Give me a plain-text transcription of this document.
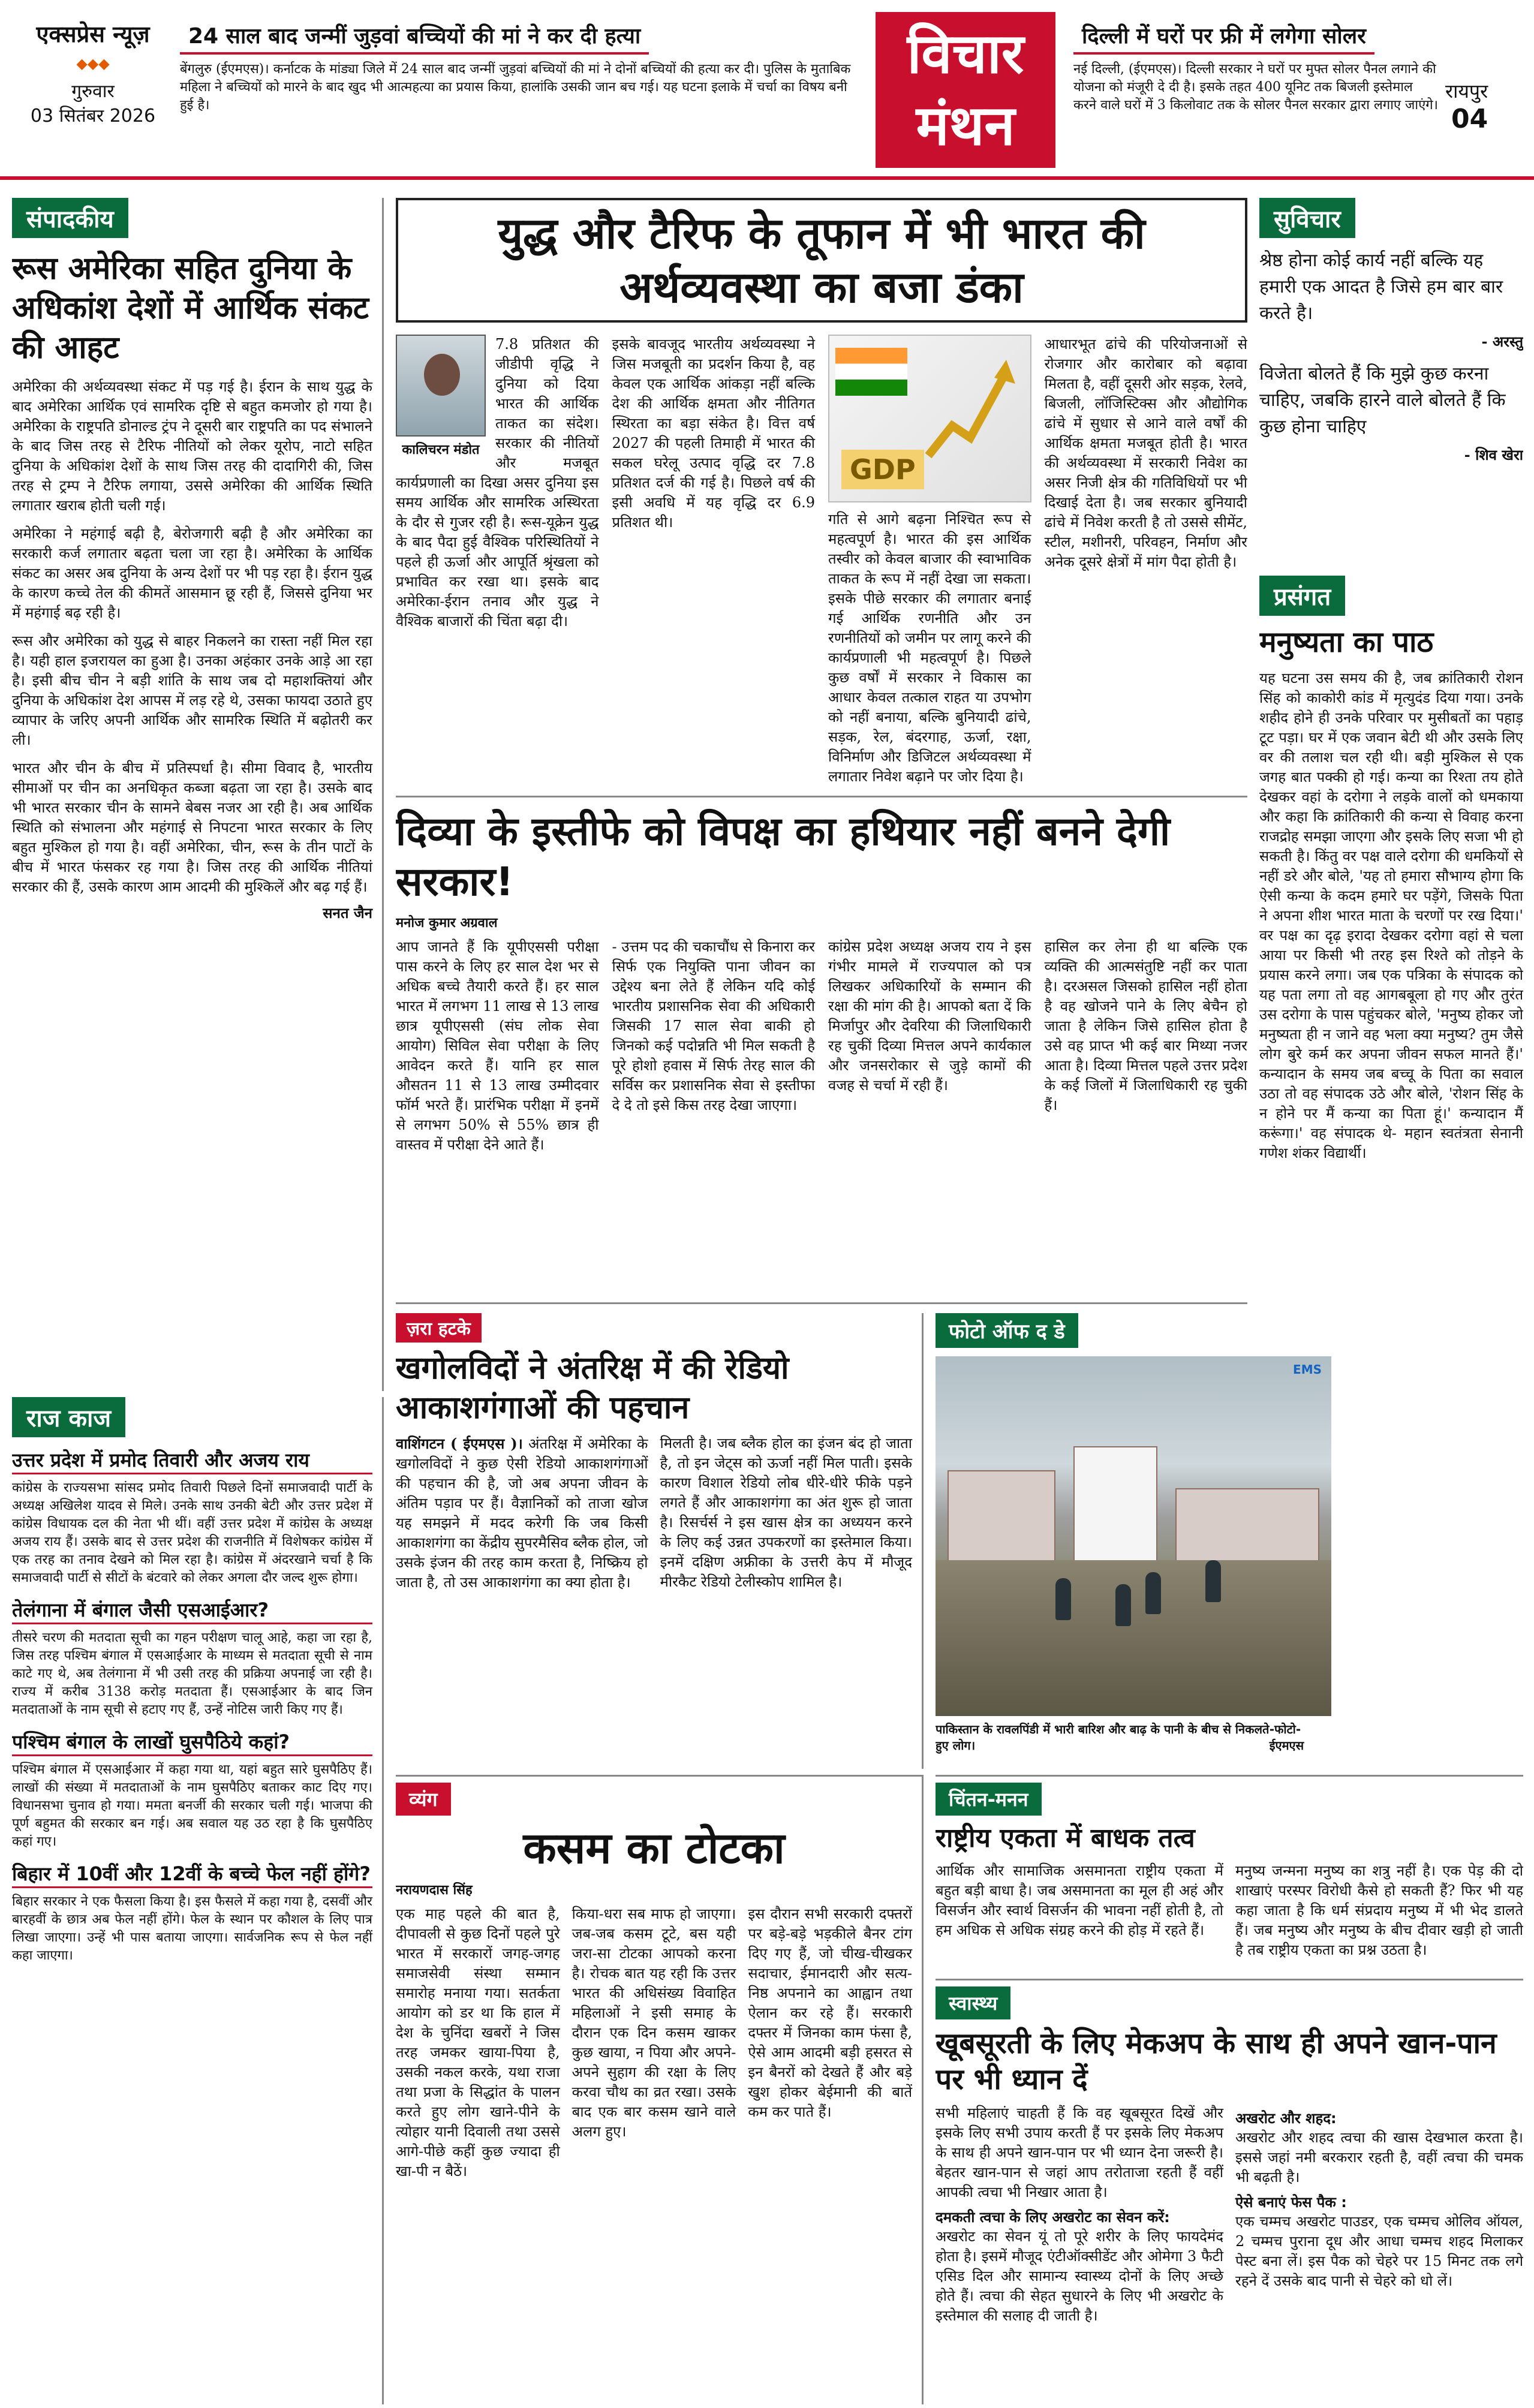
एक्सप्रेस न्यूज़
◆◆◆
गुरुवार
03 सितंबर 2026
24 साल बाद जन्मीं जुड़वां बच्चियों की मां ने कर दी हत्या

बेंगलुरु (ईएमएस)। कर्नाटक के मांड्या जिले में 24 साल बाद जन्मीं जुड़वां बच्चियों की मां ने दोनों बच्चियों की हत्या कर दी। पुलिस के मुताबिक महिला ने बच्चियों को मारने के बाद खुद भी आत्महत्या का प्रयास किया, हालांकि उसकी जान बच गई। यह घटना इलाके में चर्चा का विषय बनी हुई है।

विचार
मंथन
दिल्ली में घरों पर फ्री में लगेगा सोलर

नई दिल्ली, (ईएमएस)। दिल्ली सरकार ने घरों पर मुफ्त सोलर पैनल लगाने की योजना को मंजूरी दे दी है। इसके तहत 400 यूनिट तक बिजली इस्तेमाल करने वाले घरों में 3 किलोवाट तक के सोलर पैनल सरकार द्वारा लगाए जाएंगे।

रायपुर 04
संपादकीय
रूस अमेरिका सहित दुनिया के अधिकांश देशों में आर्थिक संकट की आहट

अमेरिका की अर्थव्यवस्था संकट में पड़ गई है। ईरान के साथ युद्ध के बाद अमेरिका आर्थिक एवं सामरिक दृष्टि से बहुत कमजोर हो गया है। अमेरिका के राष्ट्रपति डोनाल्ड ट्रंप ने दूसरी बार राष्ट्रपति का पद संभालने के बाद जिस तरह से टैरिफ नीतियों को लेकर यूरोप, नाटो सहित दुनिया के अधिकांश देशों के साथ जिस तरह की दादागिरी की, जिस तरह से ट्रम्प ने टैरिफ लगाया, उससे अमेरिका की आर्थिक स्थिति लगातार खराब होती चली गई।

अमेरिका ने महंगाई बढ़ी है, बेरोजगारी बढ़ी है और अमेरिका का सरकारी कर्ज लगातार बढ़ता चला जा रहा है। अमेरिका के आर्थिक संकट का असर अब दुनिया के अन्य देशों पर भी पड़ रहा है। ईरान युद्ध के कारण कच्चे तेल की कीमतें आसमान छू रही हैं, जिससे दुनिया भर में महंगाई बढ़ रही है।

रूस और अमेरिका को युद्ध से बाहर निकलने का रास्ता नहीं मिल रहा है। यही हाल इजरायल का हुआ है। उनका अहंकार उनके आड़े आ रहा है। इसी बीच चीन ने बड़ी शांति के साथ जब दो महाशक्तियां और दुनिया के अधिकांश देश आपस में लड़ रहे थे, उसका फायदा उठाते हुए व्यापार के जरिए अपनी आर्थिक और सामरिक स्थिति में बढ़ोतरी कर ली।

भारत और चीन के बीच में प्रतिस्पर्धा है। सीमा विवाद है, भारतीय सीमाओं पर चीन का अनधिकृत कब्जा बढ़ता जा रहा है। उसके बाद भी भारत सरकार चीन के सामने बेबस नजर आ रही है। अब आर्थिक स्थिति को संभालना और महंगाई से निपटना भारत सरकार के लिए बहुत मुश्किल हो गया है। वहीं अमेरिका, चीन, रूस के तीन पाटों के बीच में भारत फंसकर रह गया है। जिस तरह की आर्थिक नीतियां सरकार की हैं, उसके कारण आम आदमी की मुश्किलें और बढ़ गई हैं।

सनत जैन
राज काज
उत्तर प्रदेश में प्रमोद तिवारी और अजय राय

कांग्रेस के राज्यसभा सांसद प्रमोद तिवारी पिछले दिनों समाजवादी पार्टी के अध्यक्ष अखिलेश यादव से मिले। उनके साथ उनकी बेटी और उत्तर प्रदेश में कांग्रेस विधायक दल की नेता भी थीं। वहीं उत्तर प्रदेश में कांग्रेस के अध्यक्ष अजय राय हैं। उसके बाद से उत्तर प्रदेश की राजनीति में विशेषकर कांग्रेस में एक तरह का तनाव देखने को मिल रहा है। कांग्रेस में अंदरखाने चर्चा है कि समाजवादी पार्टी से सीटों के बंटवारे को लेकर अगला दौर जल्द शुरू होगा।

तेलंगाना में बंगाल जैसी एसआईआर?

तीसरे चरण की मतदाता सूची का गहन परीक्षण चालू आहे, कहा जा रहा है, जिस तरह पश्चिम बंगाल में एसआईआर के माध्यम से मतदाता सूची से नाम काटे गए थे, अब तेलंगाना में भी उसी तरह की प्रक्रिया अपनाई जा रही है। राज्य में करीब 3138 करोड़ मतदाता हैं। एसआईआर के बाद जिन मतदाताओं के नाम सूची से हटाए गए हैं, उन्हें नोटिस जारी किए गए हैं।

पश्चिम बंगाल के लाखों घुसपैठिये कहां?

पश्चिम बंगाल में एसआईआर में कहा गया था, यहां बहुत सारे घुसपैठिए हैं। लाखों की संख्या में मतदाताओं के नाम घुसपैठिए बताकर काट दिए गए। विधानसभा चुनाव हो गया। ममता बनर्जी की सरकार चली गई। भाजपा की पूर्ण बहुमत की सरकार बन गई। अब सवाल यह उठ रहा है कि घुसपैठिए कहां गए।

बिहार में 10वीं और 12वीं के बच्चे फेल नहीं होंगे?

बिहार सरकार ने एक फैसला किया है। इस फैसले में कहा गया है, दसवीं और बारहवीं के छात्र अब फेल नहीं होंगे। फेल के स्थान पर कौशल के लिए पात्र लिखा जाएगा। उन्हें भी पास बताया जाएगा। सार्वजनिक रूप से फेल नहीं कहा जाएगा।

युद्ध और टैरिफ के तूफान में भी भारत की अर्थव्यवस्था का बजा डंका
कालिचरन मंडोत

7.8 प्रतिशत की जीडीपी वृद्धि ने दुनिया को दिया भारत की आर्थिक ताकत का संदेश। सरकार की नीतियों और मजबूत कार्यप्रणाली का दिखा असर दुनिया इस समय आर्थिक और सामरिक अस्थिरता के दौर से गुजर रही है। रूस-यूक्रेन युद्ध के बाद पैदा हुई वैश्विक परिस्थितियों ने पहले ही ऊर्जा और आपूर्ति श्रृंखला को प्रभावित कर रखा था। इसके बाद अमेरिका-ईरान तनाव और युद्ध ने वैश्विक बाजारों की चिंता बढ़ा दी।

इसके बावजूद भारतीय अर्थव्यवस्था ने जिस मजबूती का प्रदर्शन किया है, वह केवल एक आर्थिक आंकड़ा नहीं बल्कि देश की आर्थिक क्षमता और नीतिगत स्थिरता का बड़ा संकेत है। वित्त वर्ष 2027 की पहली तिमाही में भारत की सकल घरेलू उत्पाद वृद्धि दर 7.8 प्रतिशत दर्ज की गई है। पिछले वर्ष की इसी अवधि में यह वृद्धि दर 6.9 प्रतिशत थी।

GDP

गति से आगे बढ़ना निश्चित रूप से महत्वपूर्ण है। भारत की इस आर्थिक तस्वीर को केवल बाजार की स्वाभाविक ताकत के रूप में नहीं देखा जा सकता। इसके पीछे सरकार की लगातार बनाई गई आर्थिक रणनीति और उन रणनीतियों को जमीन पर लागू करने की कार्यप्रणाली भी महत्वपूर्ण है। पिछले कुछ वर्षों में सरकार ने विकास का आधार केवल तत्काल राहत या उपभोग को नहीं बनाया, बल्कि बुनियादी ढांचे, सड़क, रेल, बंदरगाह, ऊर्जा, रक्षा, विनिर्माण और डिजिटल अर्थव्यवस्था में लगातार निवेश बढ़ाने पर जोर दिया है।

आधारभूत ढांचे की परियोजनाओं से रोजगार और कारोबार को बढ़ावा मिलता है, वहीं दूसरी ओर सड़क, रेलवे, बिजली, लॉजिस्टिक्स और औद्योगिक ढांचे में सुधार से आने वाले वर्षों की आर्थिक क्षमता मजबूत होती है। भारत की अर्थव्यवस्था में सरकारी निवेश का असर निजी क्षेत्र की गतिविधियों पर भी दिखाई देता है। जब सरकार बुनियादी ढांचे में निवेश करती है तो उससे सीमेंट, स्टील, मशीनरी, परिवहन, निर्माण और अनेक दूसरे क्षेत्रों में मांग पैदा होती है।

दिव्या के इस्तीफे को विपक्ष का हथियार नहीं बनने देगी सरकार!
मनोज कुमार अग्रवाल

आप जानते हैं कि यूपीएससी परीक्षा पास करने के लिए हर साल देश भर से अधिक बच्चे तैयारी करते हैं। हर साल भारत में लगभग 11 लाख से 13 लाख छात्र यूपीएससी (संघ लोक सेवा आयोग) सिविल सेवा परीक्षा के लिए आवेदन करते हैं। यानि हर साल औसतन 11 से 13 लाख उम्मीदवार फॉर्म भरते हैं। प्रारंभिक परीक्षा में इनमें से लगभग 50% से 55% छात्र ही वास्तव में परीक्षा देने आते हैं।

- उत्तम पद की चकाचौंध से किनारा कर सिर्फ एक नियुक्ति पाना जीवन का उद्देश्य बना लेते हैं लेकिन यदि कोई भारतीय प्रशासनिक सेवा की अधिकारी जिसकी 17 साल सेवा बाकी हो जिनको कई पदोन्नति भी मिल सकती है पूरे होशो हवास में सिर्फ तेरह साल की सर्विस कर प्रशासनिक सेवा से इस्तीफा दे दे तो इसे किस तरह देखा जाएगा।

कांग्रेस प्रदेश अध्यक्ष अजय राय ने इस गंभीर मामले में राज्यपाल को पत्र लिखकर अधिकारियों के सम्मान की रक्षा की मांग की है। आपको बता दें कि मिर्जापुर और देवरिया की जिलाधिकारी रह चुकीं दिव्या मित्तल अपने कार्यकाल और जनसरोकार से जुड़े कामों की वजह से चर्चा में रही हैं।

हासिल कर लेना ही था बल्कि एक व्यक्ति की आत्मसंतुष्टि नहीं कर पाता है। दरअसल जिसको हासिल नहीं होता है वह खोजने पाने के लिए बेचैन हो जाता है लेकिन जिसे हासिल होता है उसे वह प्राप्त भी कई बार मिथ्या नजर आता है। दिव्या मित्तल पहले उत्तर प्रदेश के कई जिलों में जिलाधिकारी रह चुकी हैं।

ज़रा हटके
खगोलविदों ने अंतरिक्ष में की रेडियो आकाशगंगाओं की पहचान

वाशिंगटन ( ईएमएस )। अंतरिक्ष में अमेरिका के खगोलविदों ने कुछ ऐसी रेडियो आकाशगंगाओं की पहचान की है, जो अब अपना जीवन के अंतिम पड़ाव पर हैं। वैज्ञानिकों को ताजा खोज यह समझने में मदद करेगी कि जब किसी आकाशगंगा का केंद्रीय सुपरमैसिव ब्लैक होल, जो उसके इंजन की तरह काम करता है, निष्क्रिय हो जाता है, तो उस आकाशगंगा का क्या होता है।

मिलती है। जब ब्लैक होल का इंजन बंद हो जाता है, तो इन जेट्स को ऊर्जा नहीं मिल पाती। इसके कारण विशाल रेडियो लोब धीरे-धीरे फीके पड़ने लगते हैं और आकाशगंगा का अंत शुरू हो जाता है। रिसर्चर्स ने इस खास क्षेत्र का अध्ययन करने के लिए कई उन्नत उपकरणों का इस्तेमाल किया। इनमें दक्षिण अफ्रीका के उत्तरी केप में मौजूद मीरकैट रेडियो टेलीस्कोप शामिल है।

फोटो ऑफ द डे
EMS
पाकिस्तान के रावलपिंडी में भारी बारिश और बाढ़ के पानी के बीच से निकलते हुए लोग।
-फोटो- ईएमएस
सुविचार

श्रेष्ठ होना कोई कार्य नहीं बल्कि यह हमारी एक आदत है जिसे हम बार बार करते है।

- अरस्तु

विजेता बोलते हैं कि मुझे कुछ करना चाहिए, जबकि हारने वाले बोलते हैं कि कुछ होना चाहिए

- शिव खेरा
प्रसंगत
मनुष्यता का पाठ

यह घटना उस समय की है, जब क्रांतिकारी रोशन सिंह को काकोरी कांड में मृत्युदंड दिया गया। उनके शहीद होने ही उनके परिवार पर मुसीबतों का पहाड़ टूट पड़ा। घर में एक जवान बेटी थी और उसके लिए वर की तलाश चल रही थी। बड़ी मुश्किल से एक जगह बात पक्की हो गई। कन्या का रिश्ता तय होते देखकर वहां के दरोगा ने लड़के वालों को धमकाया और कहा कि क्रांतिकारी की कन्या से विवाह करना राजद्रोह समझा जाएगा और इसके लिए सजा भी हो सकती है। किंतु वर पक्ष वाले दरोगा की धमकियों से नहीं डरे और बोले, 'यह तो हमारा सौभाग्य होगा कि ऐसी कन्या के कदम हमारे घर पड़ेंगे, जिसके पिता ने अपना शीश भारत माता के चरणों पर रख दिया।' वर पक्ष का दृढ़ इरादा देखकर दरोगा वहां से चला आया पर किसी भी तरह इस रिश्ते को तोड़ने के प्रयास करने लगा। जब एक पत्रिका के संपादक को यह पता लगा तो वह आगबबूला हो गए और तुरंत उस दरोगा के पास पहुंचकर बोले, 'मनुष्य होकर जो मनुष्यता ही न जाने वह भला क्या मनुष्य? तुम जैसे लोग बुरे कर्म कर अपना जीवन सफल मानते हैं।' कन्यादान के समय जब बच्चू के पिता का सवाल उठा तो वह संपादक उठे और बोले, 'रोशन सिंह के न होने पर मैं कन्या का पिता हूं।' कन्यादान मैं करूंगा।' वह संपादक थे- महान स्वतंत्रता सेनानी गणेश शंकर विद्यार्थी।

व्यंग
कसम का टोटका
नरायणदास सिंह

एक माह पहले की बात है, दीपावली से कुछ दिनों पहले पुरे भारत में सरकारों जगह-जगह समाजसेवी संस्था सम्मान समारोह मनाया गया। सतर्कता आयोग को डर था कि हाल में देश के चुनिंदा खबरों ने जिस तरह जमकर खाया-पिया है, उसकी नकल करके, यथा राजा तथा प्रजा के सिद्धांत के पालन करते हुए लोग खाने-पीने के त्योहार यानी दिवाली तथा उससे आगे-पीछे कहीं कुछ ज्यादा ही खा-पी न बैठें।

किया-धरा सब माफ हो जाएगा। जब-जब कसम टूटे, बस यही जरा-सा टोटका आपको करना है। रोचक बात यह रही कि उत्तर भारत की अधिसंख्य विवाहित महिलाओं ने इसी समाह के दौरान एक दिन कसम खाकर कुछ खाया, न पिया और अपने-अपने सुहाग की रक्षा के लिए करवा चौथ का व्रत रखा। उसके बाद एक बार कसम खाने वाले अलग हुए।

इस दौरान सभी सरकारी दफ्तरों पर बड़े-बड़े भड़कीले बैनर टांग दिए गए हैं, जो चीख-चीखकर सदाचार, ईमानदारी और सत्य-निष्ठ अपनाने का आह्वान तथा ऐलान कर रहे हैं। सरकारी दफ्तर में जिनका काम फंसा है, ऐसे आम आदमी बड़ी हसरत से इन बैनरों को देखते हैं और बड़े खुश होकर बेईमानी की बातें कम कर पाते हैं।

चिंतन-मनन
राष्ट्रीय एकता में बाधक तत्व

आर्थिक और सामाजिक असमानता राष्ट्रीय एकता में बहुत बड़ी बाधा है। जब असमानता का मूल ही अहं और विसर्जन और स्वार्थ विसर्जन की भावना नहीं होती है, तो हम अधिक से अधिक संग्रह करने की होड़ में रहते हैं।

मनुष्य जन्मना मनुष्य का शत्रु नहीं है। एक पेड़ की दो शाखाएं परस्पर विरोधी कैसे हो सकती हैं? फिर भी यह कहा जाता है कि धर्म संप्रदाय मनुष्य में भी भेद डालते हैं। जब मनुष्य और मनुष्य के बीच दीवार खड़ी हो जाती है तब राष्ट्रीय एकता का प्रश्न उठता है।

स्वास्थ्य
खूबसूरती के लिए मेकअप के साथ ही अपने खान-पान पर भी ध्यान दें

सभी महिलाएं चाहती हैं कि वह खूबसूरत दिखें और इसके लिए सभी उपाय करती हैं पर इसके लिए मेकअप के साथ ही अपने खान-पान पर भी ध्यान देना जरूरी है। बेहतर खान-पान से जहां आप तरोताजा रहती हैं वहीं आपकी त्वचा भी निखार आता है।

दमकती त्वचा के लिए अखरोट का सेवन करें:

अखरोट का सेवन यूं तो पूरे शरीर के लिए फायदेमंद होता है। इसमें मौजूद एंटीऑक्सीडेंट और ओमेगा 3 फैटी एसिड दिल और सामान्य स्वास्थ्य दोनों के लिए अच्छे होते हैं। त्वचा की सेहत सुधारने के लिए भी अखरोट के इस्तेमाल की सलाह दी जाती है।

अखरोट और शहद:

अखरोट और शहद त्वचा की खास देखभाल करता है। इससे जहां नमी बरकरार रहती है, वहीं त्वचा की चमक भी बढ़ती है।

ऐसे बनाएं फेस पैक :

एक चम्मच अखरोट पाउडर, एक चम्मच ओलिव ऑयल, 2 चम्मच पुराना दूध और आधा चम्मच शहद मिलाकर पेस्ट बना लें। इस पैक को चेहरे पर 15 मिनट तक लगे रहने दें उसके बाद पानी से चेहरे को धो लें।
